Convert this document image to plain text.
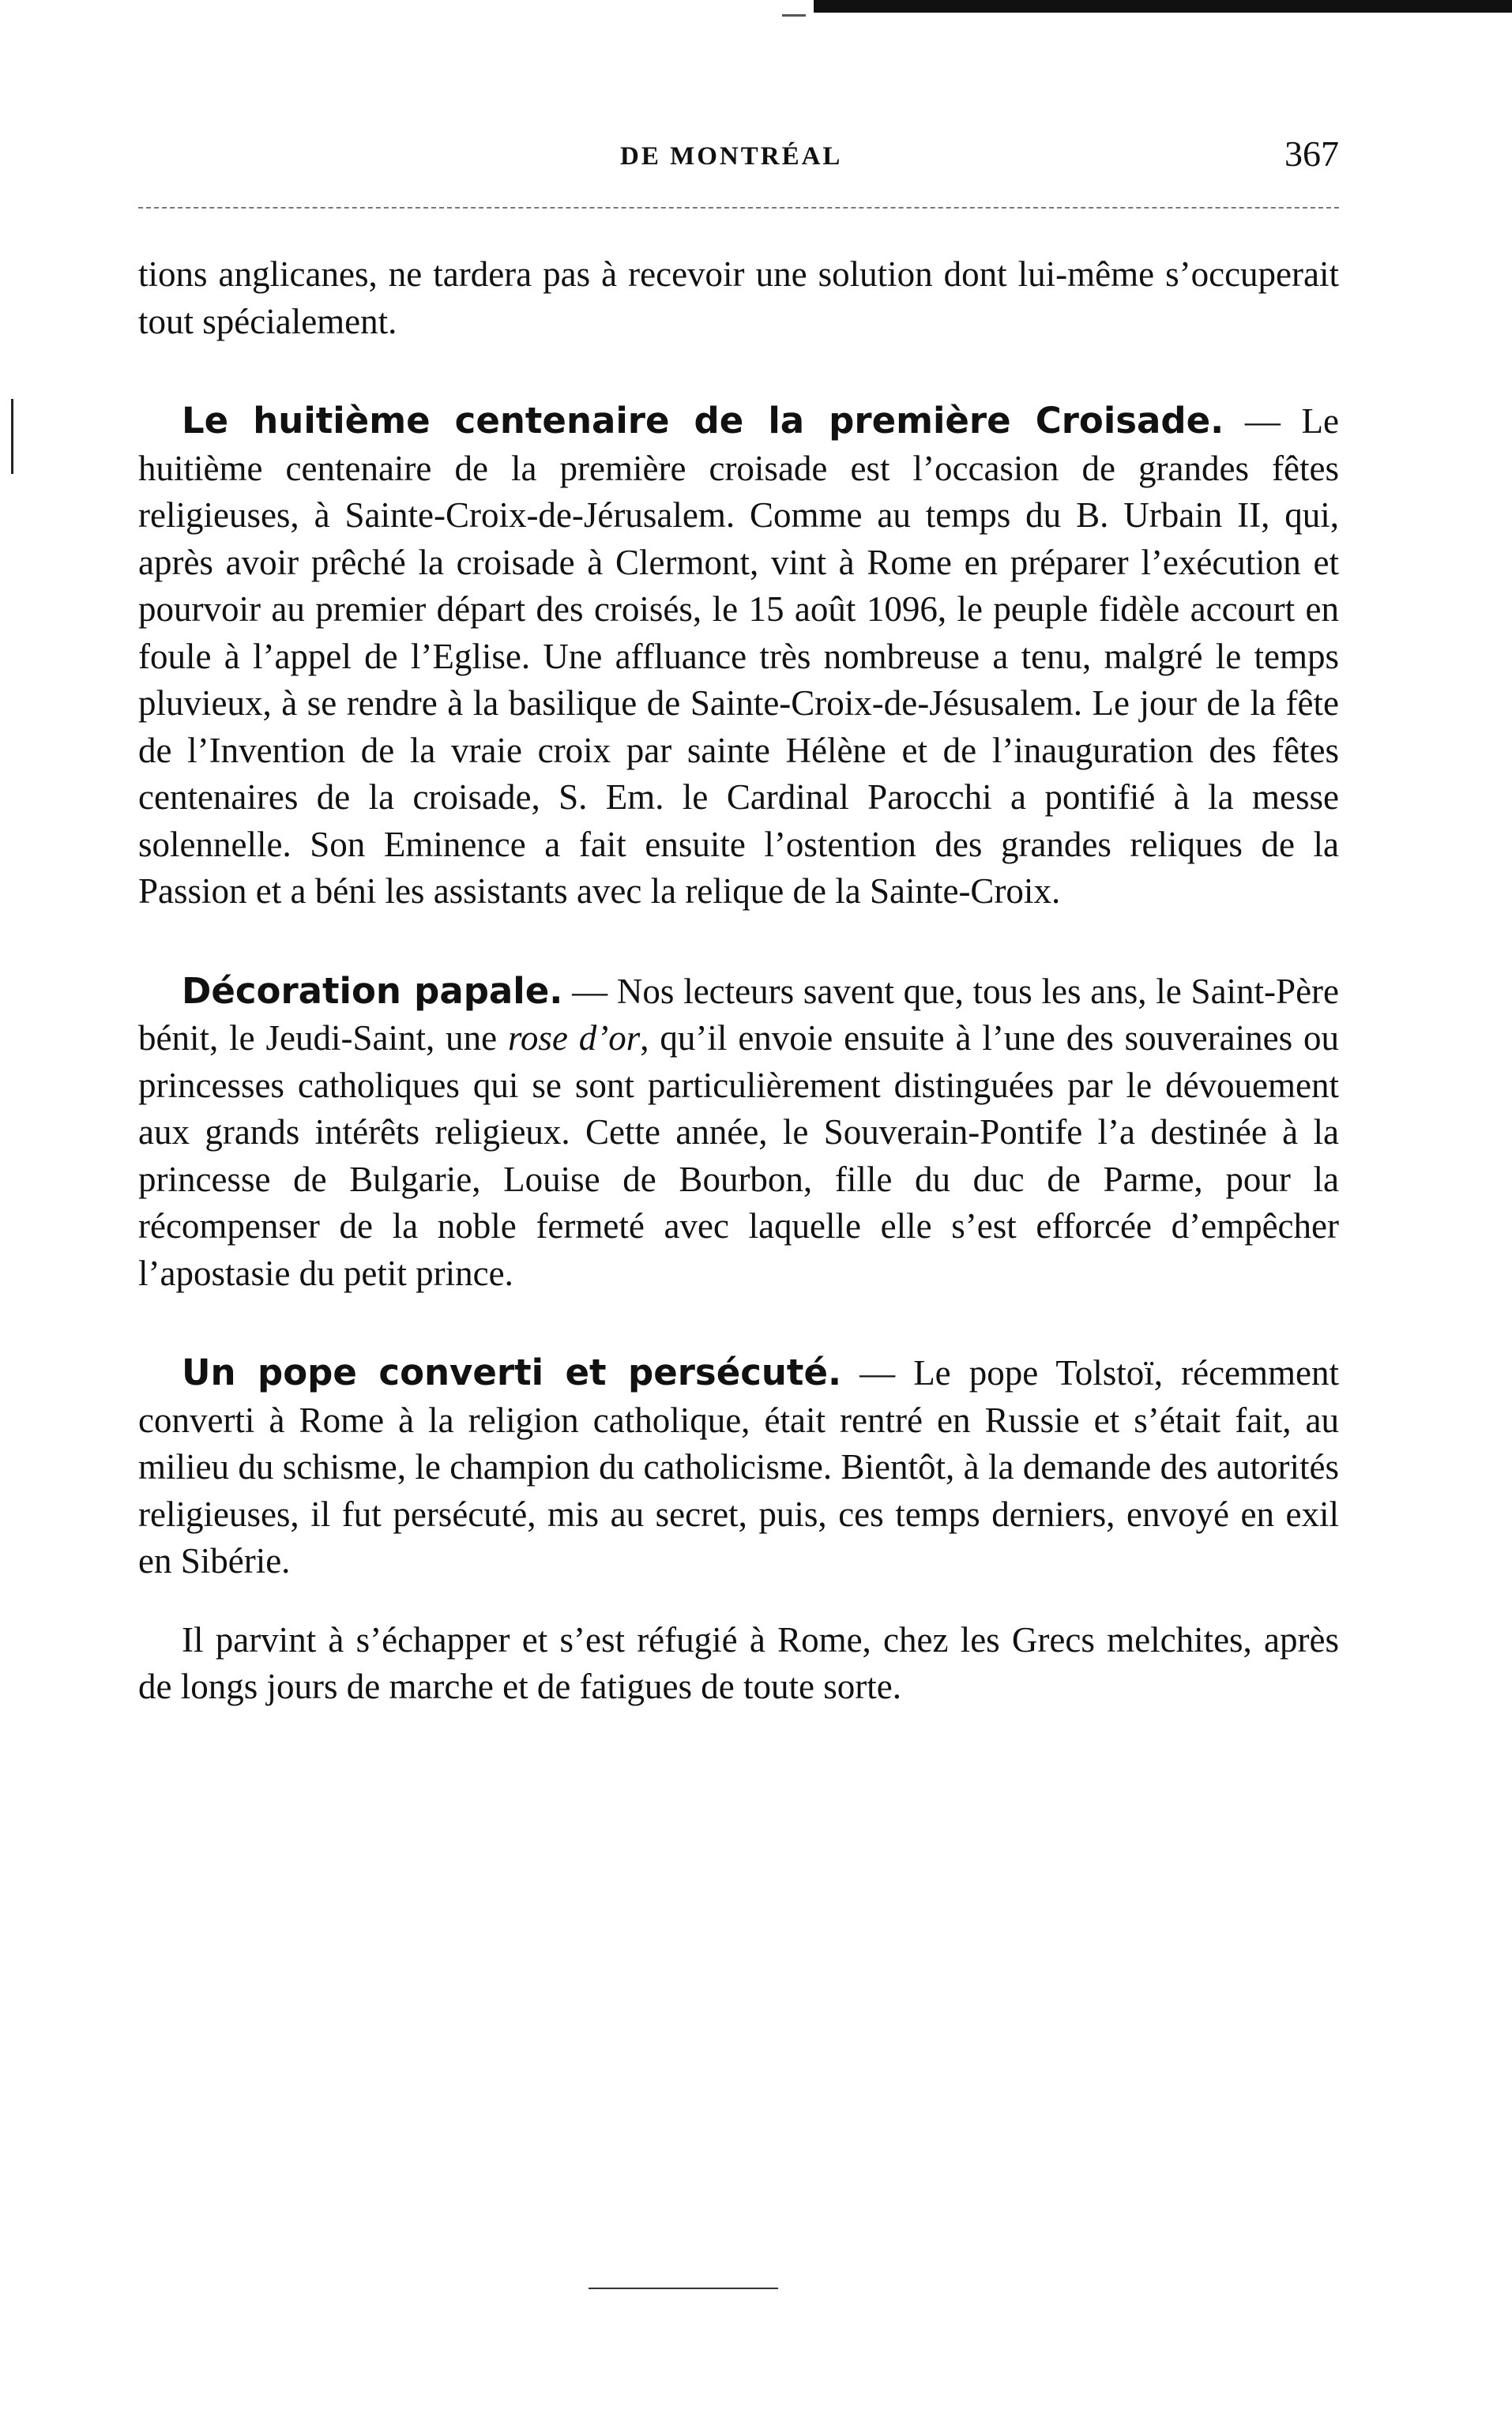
DE MONTRÉAL	367

tions anglicanes, ne tardera pas à recevoir une solution dont lui-même s’occuperait tout spécialement.

Le huitième centenaire de la première Croisade. — Le huitième centenaire de la première croisade est l’occasion de grandes fêtes religieuses, à Sainte-Croix-de-Jérusalem. Comme au temps du B. Urbain II, qui, après avoir prêché la croisade à Clermont, vint à Rome en préparer l’exécution et pourvoir au premier départ des croisés, le 15 août 1096, le peuple fidèle accourt en foule à l’appel de l’Eglise. Une affluance très nombreuse a tenu, malgré le temps pluvieux, à se rendre à la basilique de Sainte-Croix-de-Jésusalem. Le jour de la fête de l’Invention de la vraie croix par sainte Hélène et de l’inauguration des fêtes centenaires de la croisade, S. Em. le Cardinal Parocchi a pontifié à la messe solennelle. Son Eminence a fait ensuite l’ostention des grandes reliques de la Passion et a béni les assistants avec la relique de la Sainte-Croix.

Décoration papale. — Nos lecteurs savent que, tous les ans, le Saint-Père bénit, le Jeudi-Saint, une rose d’or, qu’il envoie ensuite à l’une des souveraines ou princesses catholiques qui se sont particulièrement distinguées par le dévouement aux grands intérêts religieux. Cette année, le Souverain-Pontife l’a destinée à la princesse de Bulgarie, Louise de Bourbon, fille du duc de Parme, pour la récompenser de la noble fermeté avec laquelle elle s’est efforcée d’empêcher l’apostasie du petit prince.

Un pope converti et persécuté. — Le pope Tolstoï, récemment converti à Rome à la religion catholique, était rentré en Russie et s’était fait, au milieu du schisme, le champion du catholicisme. Bientôt, à la demande des autorités religieuses, il fut persécuté, mis au secret, puis, ces temps derniers, envoyé en exil en Sibérie.

Il parvint à s’échapper et s’est réfugié à Rome, chez les Grecs melchites, après de longs jours de marche et de fatigues de toute sorte.
